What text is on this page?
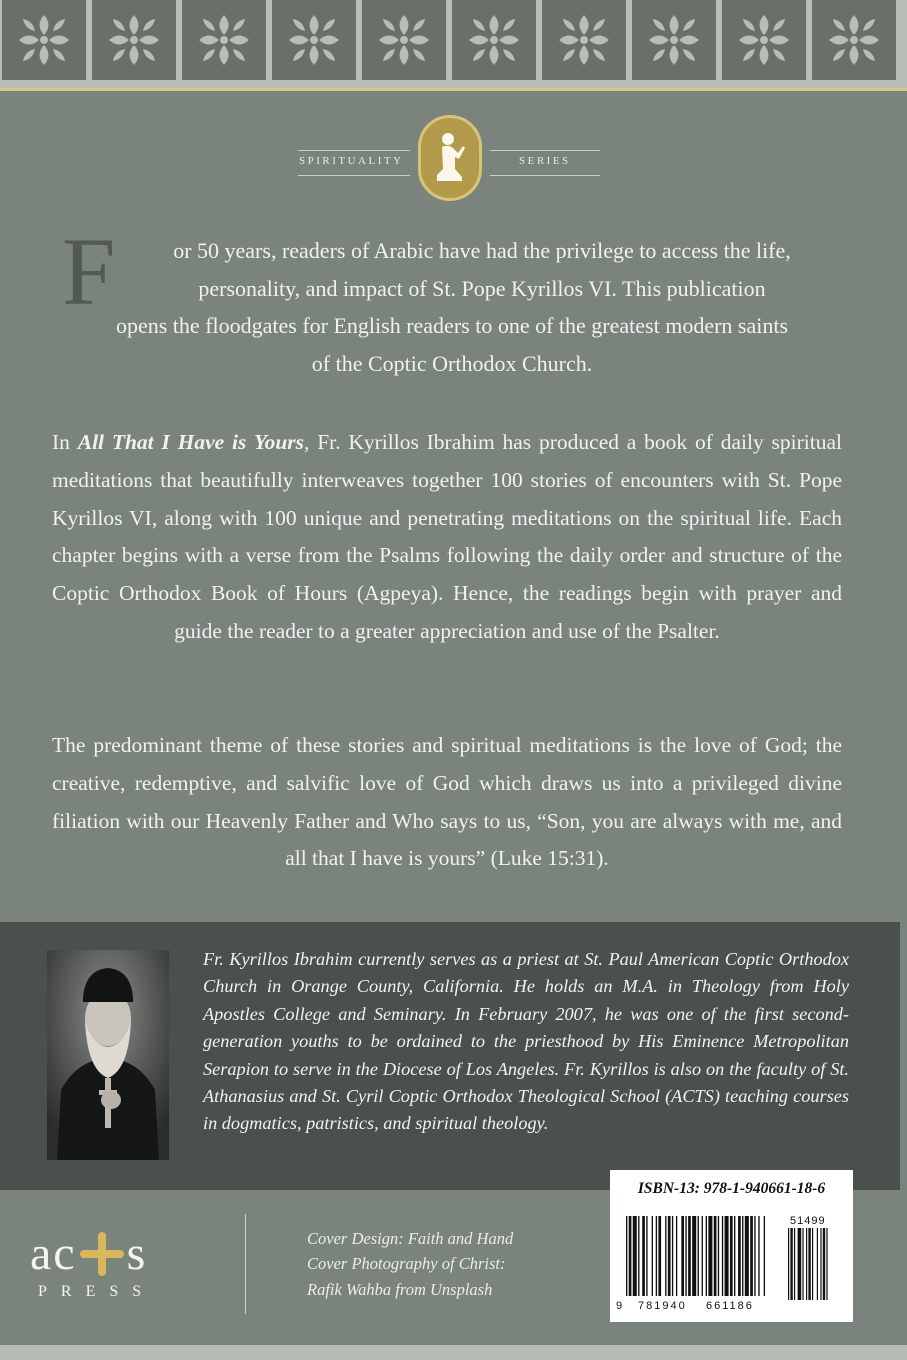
SPIRITUALITY	SERIES
F	or 50 years, readers of Arabic have had the privilege to access the life,
personality, and impact of St. Pope Kyrillos VI. This publication
opens the floodgates for English readers to one of the greatest modern saints
of the Coptic Orthodox Church.
In All That I Have is Yours, Fr. Kyrillos Ibrahim has produced a book of daily spiritual meditations that beautifully interweaves together 100 stories of encounters with St. Pope Kyrillos VI, along with 100 unique and penetrating meditations on the spiritual life. Each chapter begins with a verse from the Psalms following the daily order and structure of the Coptic Orthodox Book of Hours (Agpeya). Hence, the readings begin with prayer and guide the reader to a greater appreciation and use of the Psalter.
The predominant theme of these stories and spiritual meditations is the love of God; the creative, redemptive, and salvific love of God which draws us into a privileged divine filiation with our Heavenly Father and Who says to us, “Son, you are always with me, and all that I have is yours” (Luke 15:31).
Fr. Kyrillos Ibrahim currently serves as a priest at St. Paul American Coptic Orthodox Church in Orange County, California. He holds an M.A. in Theology from Holy Apostles College and Seminary. In February 2007, he was one of the first second-generation youths to be ordained to the priesthood by His Eminence Metropolitan Serapion to serve in the Diocese of Los Angeles. Fr. Kyrillos is also on the faculty of St. Athanasius and St. Cyril Coptic Orthodox Theological School (ACTS) teaching courses in dogmatics, patristics, and spiritual theology.
ac s
PRESS
Cover Design: Faith and Hand
Cover Photography of Christ:
Rafik Wahba from Unsplash
ISBN-13: 978-1-940661-18-6
9 781940 661186
51499
